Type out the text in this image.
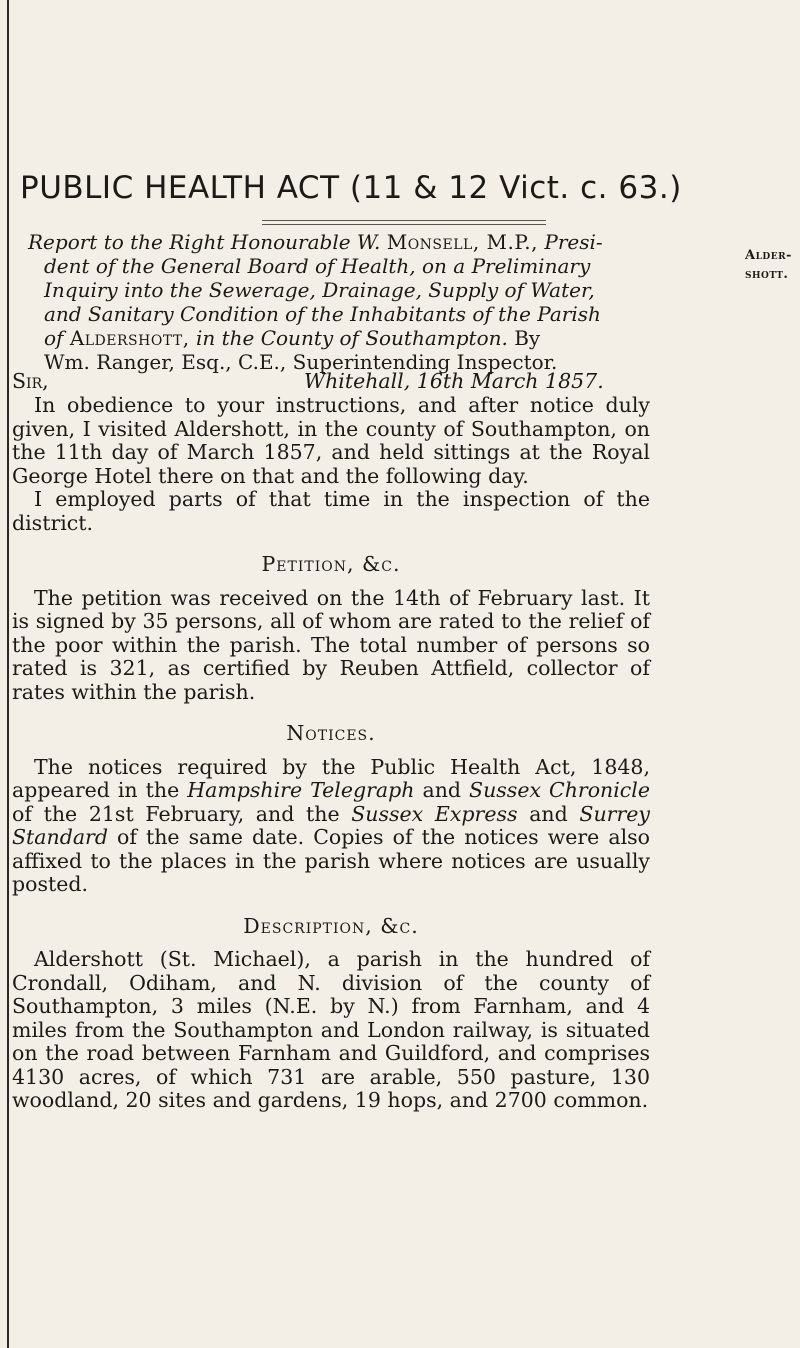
PUBLIC HEALTH ACT (11 & 12 Vict. c. 63.)
Alder-
shott.
Report to the Right Honourable W. Monsell, M.P., Presi-
dent of the General Board of Health, on a Preliminary
Inquiry into the Sewerage, Drainage, Supply of Water,
and Sanitary Condition of the Inhabitants of the Parish
of Aldershott, in the County of Southampton. By
Wm. Ranger, Esq., C.E., Superintending Inspector.
Sir,	Whitehall, 16th March 1857.

In obedience to your instructions, and after notice duly given, I visited Aldershott, in the county of Southampton, on the 11th day of March 1857, and held sittings at the Royal George Hotel there on that and the following day.

I employed parts of that time in the inspection of the district.

Petition, &c.

The petition was received on the 14th of February last. It is signed by 35 persons, all of whom are rated to the relief of the poor within the parish. The total number of persons so rated is 321, as certified by Reuben Attfield, collector of rates within the parish.

Notices.

The notices required by the Public Health Act, 1848, appeared in the Hampshire Telegraph and Sussex Chronicle of the 21st February, and the Sussex Express and Surrey Standard of the same date. Copies of the notices were also affixed to the places in the parish where notices are usually posted.

Description, &c.

Aldershott (St. Michael), a parish in the hundred of Crondall, Odiham, and N. division of the county of Southampton, 3 miles (N.E. by N.) from Farnham, and 4 miles from the Southampton and London railway, is situated on the road between Farnham and Guildford, and comprises 4130 acres, of which 731 are arable, 550 pasture, 130 woodland, 20 sites and gardens, 19 hops, and 2700 common.
